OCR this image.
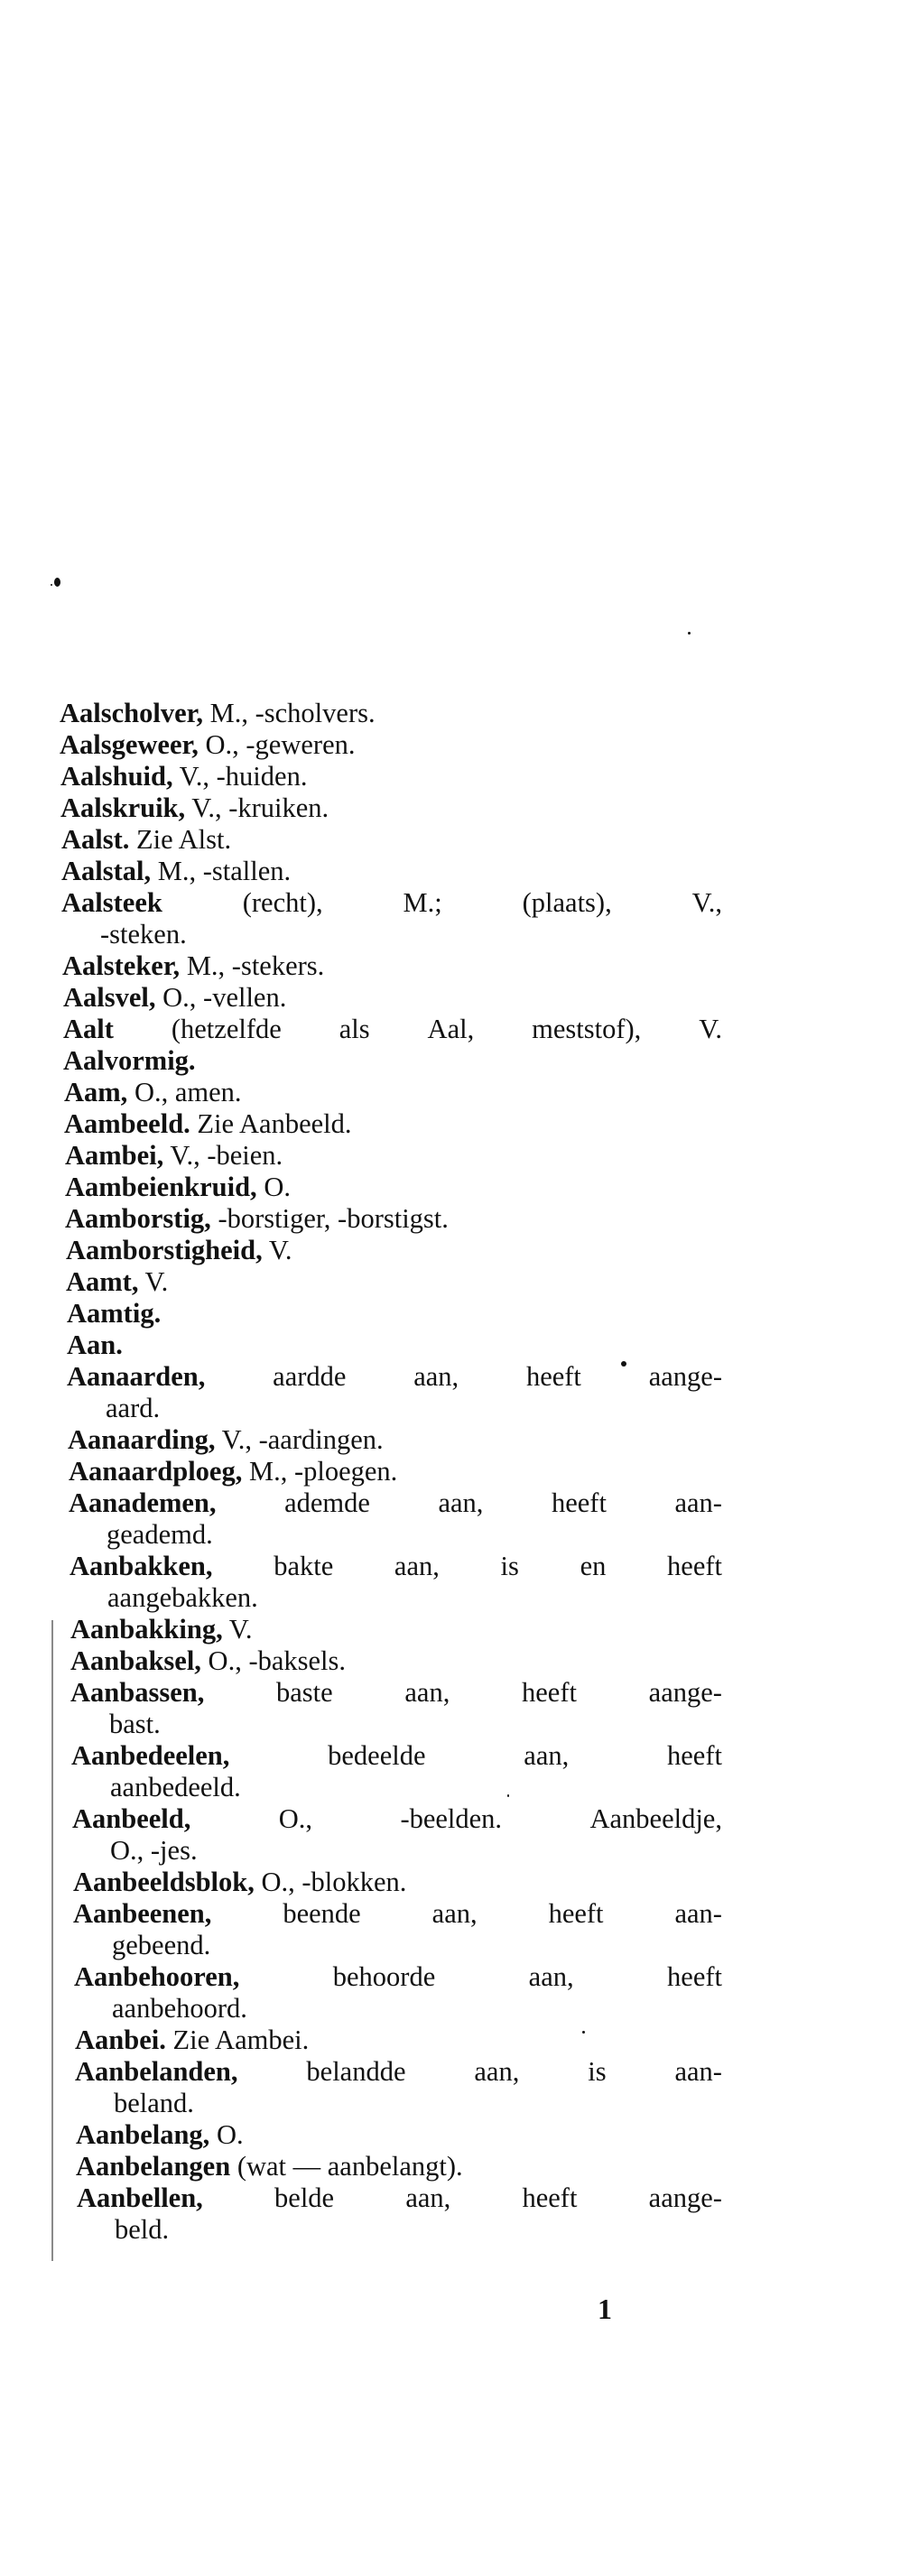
Aalscholver, M., -scholvers.
Aalsgeweer, O., -geweren.
Aalshuid, V., -huiden.
Aalskruik, V., -kruiken.
Aalst. Zie Alst.
Aalstal, M., -stallen.
Aalsteek	(recht),	M.;	(plaats),	V.,
-steken.
Aalsteker, M., -stekers.
Aalsvel, O., -vellen.
Aalt (hetzelfde als Aal, meststof), V.
Aalvormig.
Aam, O., amen.
Aambeeld. Zie Aanbeeld.
Aambei, V., -beien.
Aambeienkruid, O.
Aamborstig, -borstiger, -borstigst.
Aamborstigheid, V.
Aamt, V.
Aamtig.
Aan.
Aanaarden, aardde aan, heeft aange-
aard.
Aanaarding, V., -aardingen.
Aanaardploeg, M., -ploegen.
Aanademen, ademde aan, heeft aan-
geademd.
Aanbakken, bakte aan, is en heeft
aangebakken.
Aanbakking, V.
Aanbaksel, O., -baksels.
Aanbassen,	baste	aan,	heeft	aange-
bast.
Aanbedeelen,	bedeelde	aan,	heeft
aanbedeeld.
Aanbeeld,	O.,	-beelden.	Aanbeeldje,
O., -jes.
Aanbeeldsblok, O., -blokken.
Aanbeenen,	beende	aan,	heeft	aan-
gebeend.
Aanbehooren,	behoorde	aan,	heeft
aanbehoord.
Aanbei. Zie Aambei.
Aanbelanden, belandde aan, is aan-
beland.
Aanbelang, O.
Aanbelangen (wat — aanbelangt).
Aanbellen,	belde	aan,	heeft	aange-
beld.
1
